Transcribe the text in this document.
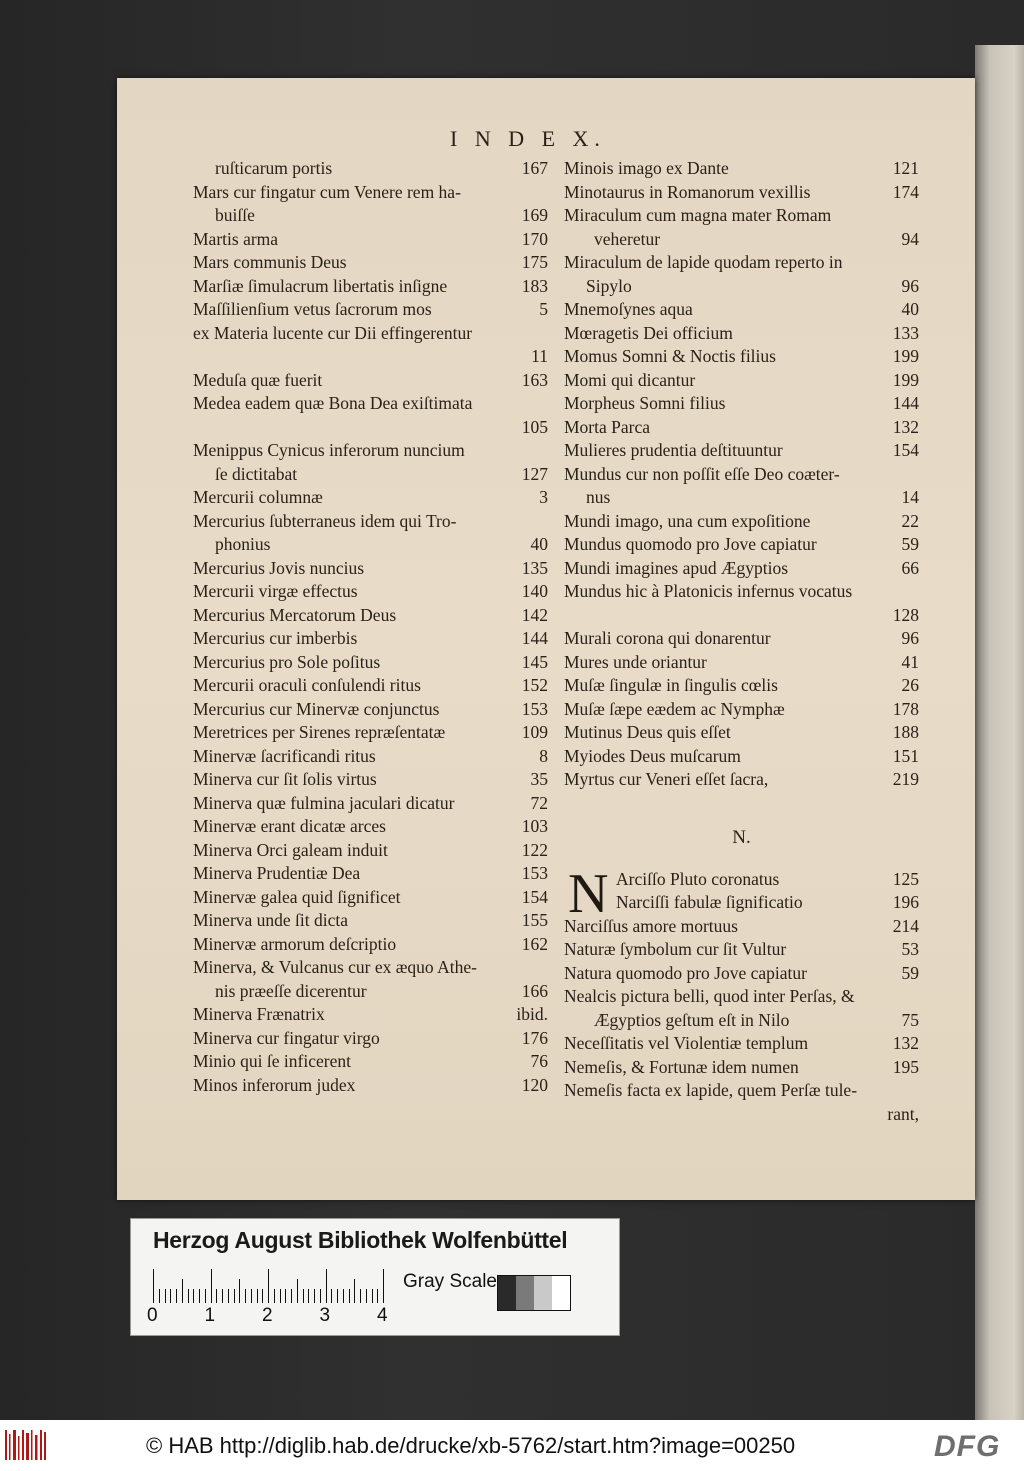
I N D E X.
ruſticarum portis	167
Mars cur fingatur cum Venere rem ha-
buiſſe	169
Martis arma	170
Mars communis Deus	175
Marſiæ ſimulacrum libertatis inſigne	183
Maſſilienſium vetus ſacrorum mos	5
ex Materia lucente cur Dii effingerentur
11
Meduſa quæ fuerit	163
Medea eadem quæ Bona Dea exiſtimata
105
Menippus Cynicus inferorum nuncium
ſe dictitabat	127
Mercurii columnæ	3
Mercurius ſubterraneus idem qui Tro-
phonius	40
Mercurius Jovis nuncius	135
Mercurii virgæ effectus	140
Mercurius Mercatorum Deus	142
Mercurius cur imberbis	144
Mercurius pro Sole poſitus	145
Mercurii oraculi conſulendi ritus	152
Mercurius cur Minervæ conjunctus	153
Meretrices per Sirenes repræſentatæ	109
Minervæ ſacrificandi ritus	8
Minerva cur ſit ſolis virtus	35
Minerva quæ fulmina jaculari dicatur	72
Minervæ erant dicatæ arces	103
Minerva Orci galeam induit	122
Minerva Prudentiæ Dea	153
Minervæ galea quid ſignificet	154
Minerva unde ſit dicta	155
Minervæ armorum deſcriptio	162
Minerva, & Vulcanus cur ex æquo Athe-
nis præeſſe dicerentur	166
Minerva Frænatrix	ibid.
Minerva cur fingatur virgo	176
Minio qui ſe inficerent	76
Minos inferorum judex	120
Minois imago ex Dante	121
Minotaurus in Romanorum vexillis	174
Miraculum cum magna mater Romam
veheretur	94
Miraculum de lapide quodam reperto in
Sipylo	96
Mnemoſynes aqua	40
Mœragetis Dei officium	133
Momus Somni & Noctis filius	199
Momi qui dicantur	199
Morpheus Somni filius	144
Morta Parca	132
Mulieres prudentia deſtituuntur	154
Mundus cur non poſſit eſſe Deo coæter-
nus	14
Mundi imago, una cum expoſitione	22
Mundus quomodo pro Jove capiatur	59
Mundi imagines apud Ægyptios	66
Mundus hic à Platonicis infernus vocatus
128
Murali corona qui donarentur	96
Mures unde oriantur	41
Muſæ ſingulæ in ſingulis cœlis	26
Muſæ ſæpe eædem ac Nymphæ	178
Mutinus Deus quis eſſet	188
Myiodes Deus muſcarum	151
Myrtus cur Veneri eſſet ſacra,	219
N.
N Arciſſo Pluto coronatus	125
Narciſſi fabulæ ſignificatio	196
Narciſſus amore mortuus	214
Naturæ ſymbolum cur ſit Vultur	53
Natura quomodo pro Jove capiatur	59
Nealcis pictura belli, quod inter Perſas, &
Ægyptios geſtum eſt in Nilo	75
Neceſſitatis vel Violentiæ templum	132
Nemeſis, & Fortunæ idem numen	195
Nemeſis facta ex lapide, quem Perſæ tule-
rant,
Herzog August Bibliothek Wolfenbüttel
0 1 2 3 4
Gray Scale
© HAB http://diglib.hab.de/drucke/xb-5762/start.htm?image=00250	DFG
